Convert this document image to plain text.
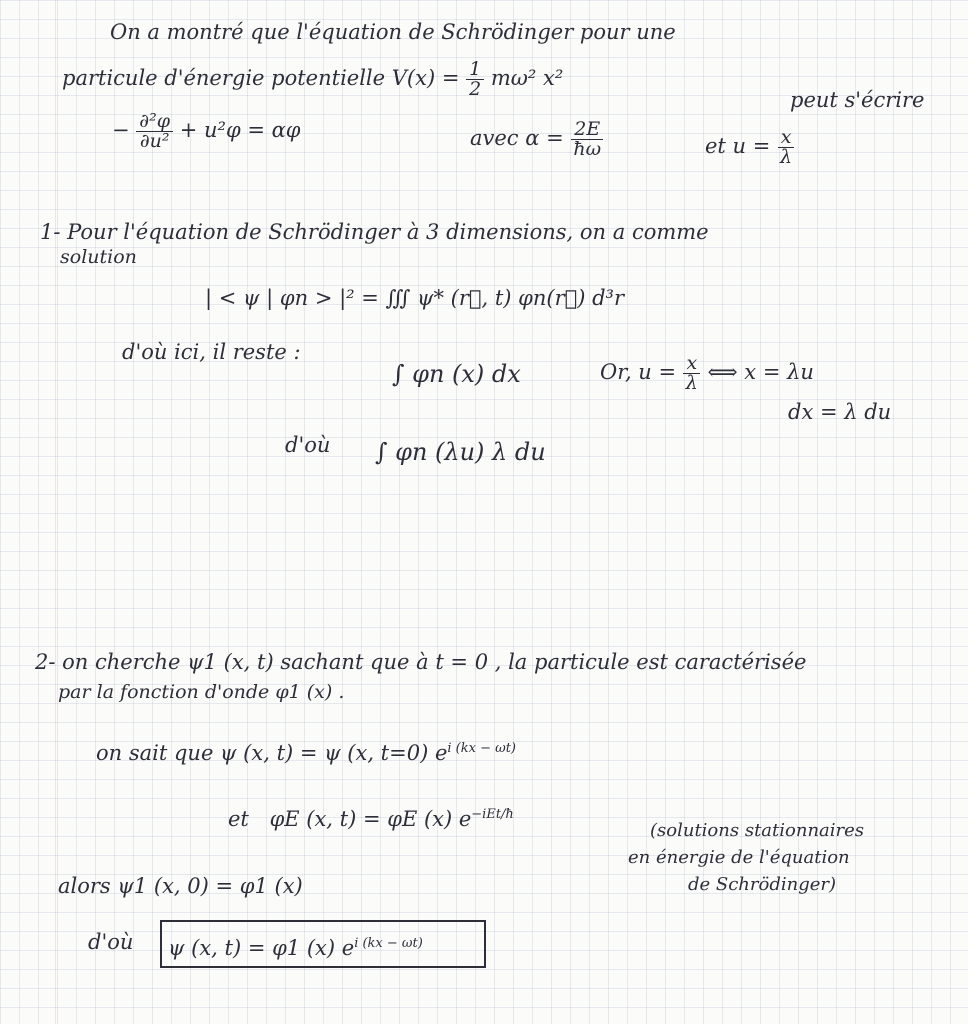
On a montré que l'équation de Schrödinger pour une
particule d'énergie potentielle $V(x) = \frac{1}{2} m\omega^2$ x²
peut s'écrire
− $\frac{\text{∂²φ}}{\text{∂u²}} + u^2\varphi = \alpha\varphi$	avec $\alpha = \frac{2E}{ħ\omega}$	et $u = \frac{x}{\lambda}$
1- Pour l'équation de Schrödinger à 3 dimensions, on a comme
solution
| < ψ | φn > |² = ∭ ψ* (r⃗, t) φn(r⃗) d³r
d'où ici, il reste :
∫ φn (x) dx	Or, $u = \frac{x}{\lambda}$ ⟺ x = λu
dx = λ du
d'où ∫ φn (λu) λ du
2- on cherche ψ1 (x, t) sachant que à t = 0 , la particule est caractérisée
par la fonction d'onde φ1 (x) .
on sait que ψ (x, t) = ψ (x, t=0) $e^{i (kx - \omega t)}$
et φE (x, t) = φE (x) $e^{-iEt/ħ}$
(solutions stationnaires
en énergie de l'équation
de Schrödinger)
alors ψ1 (x, 0) = φ1 (x)
d'où	ψ (x, t) = φ1 (x) $e^{i (kx - \omega t)}$
